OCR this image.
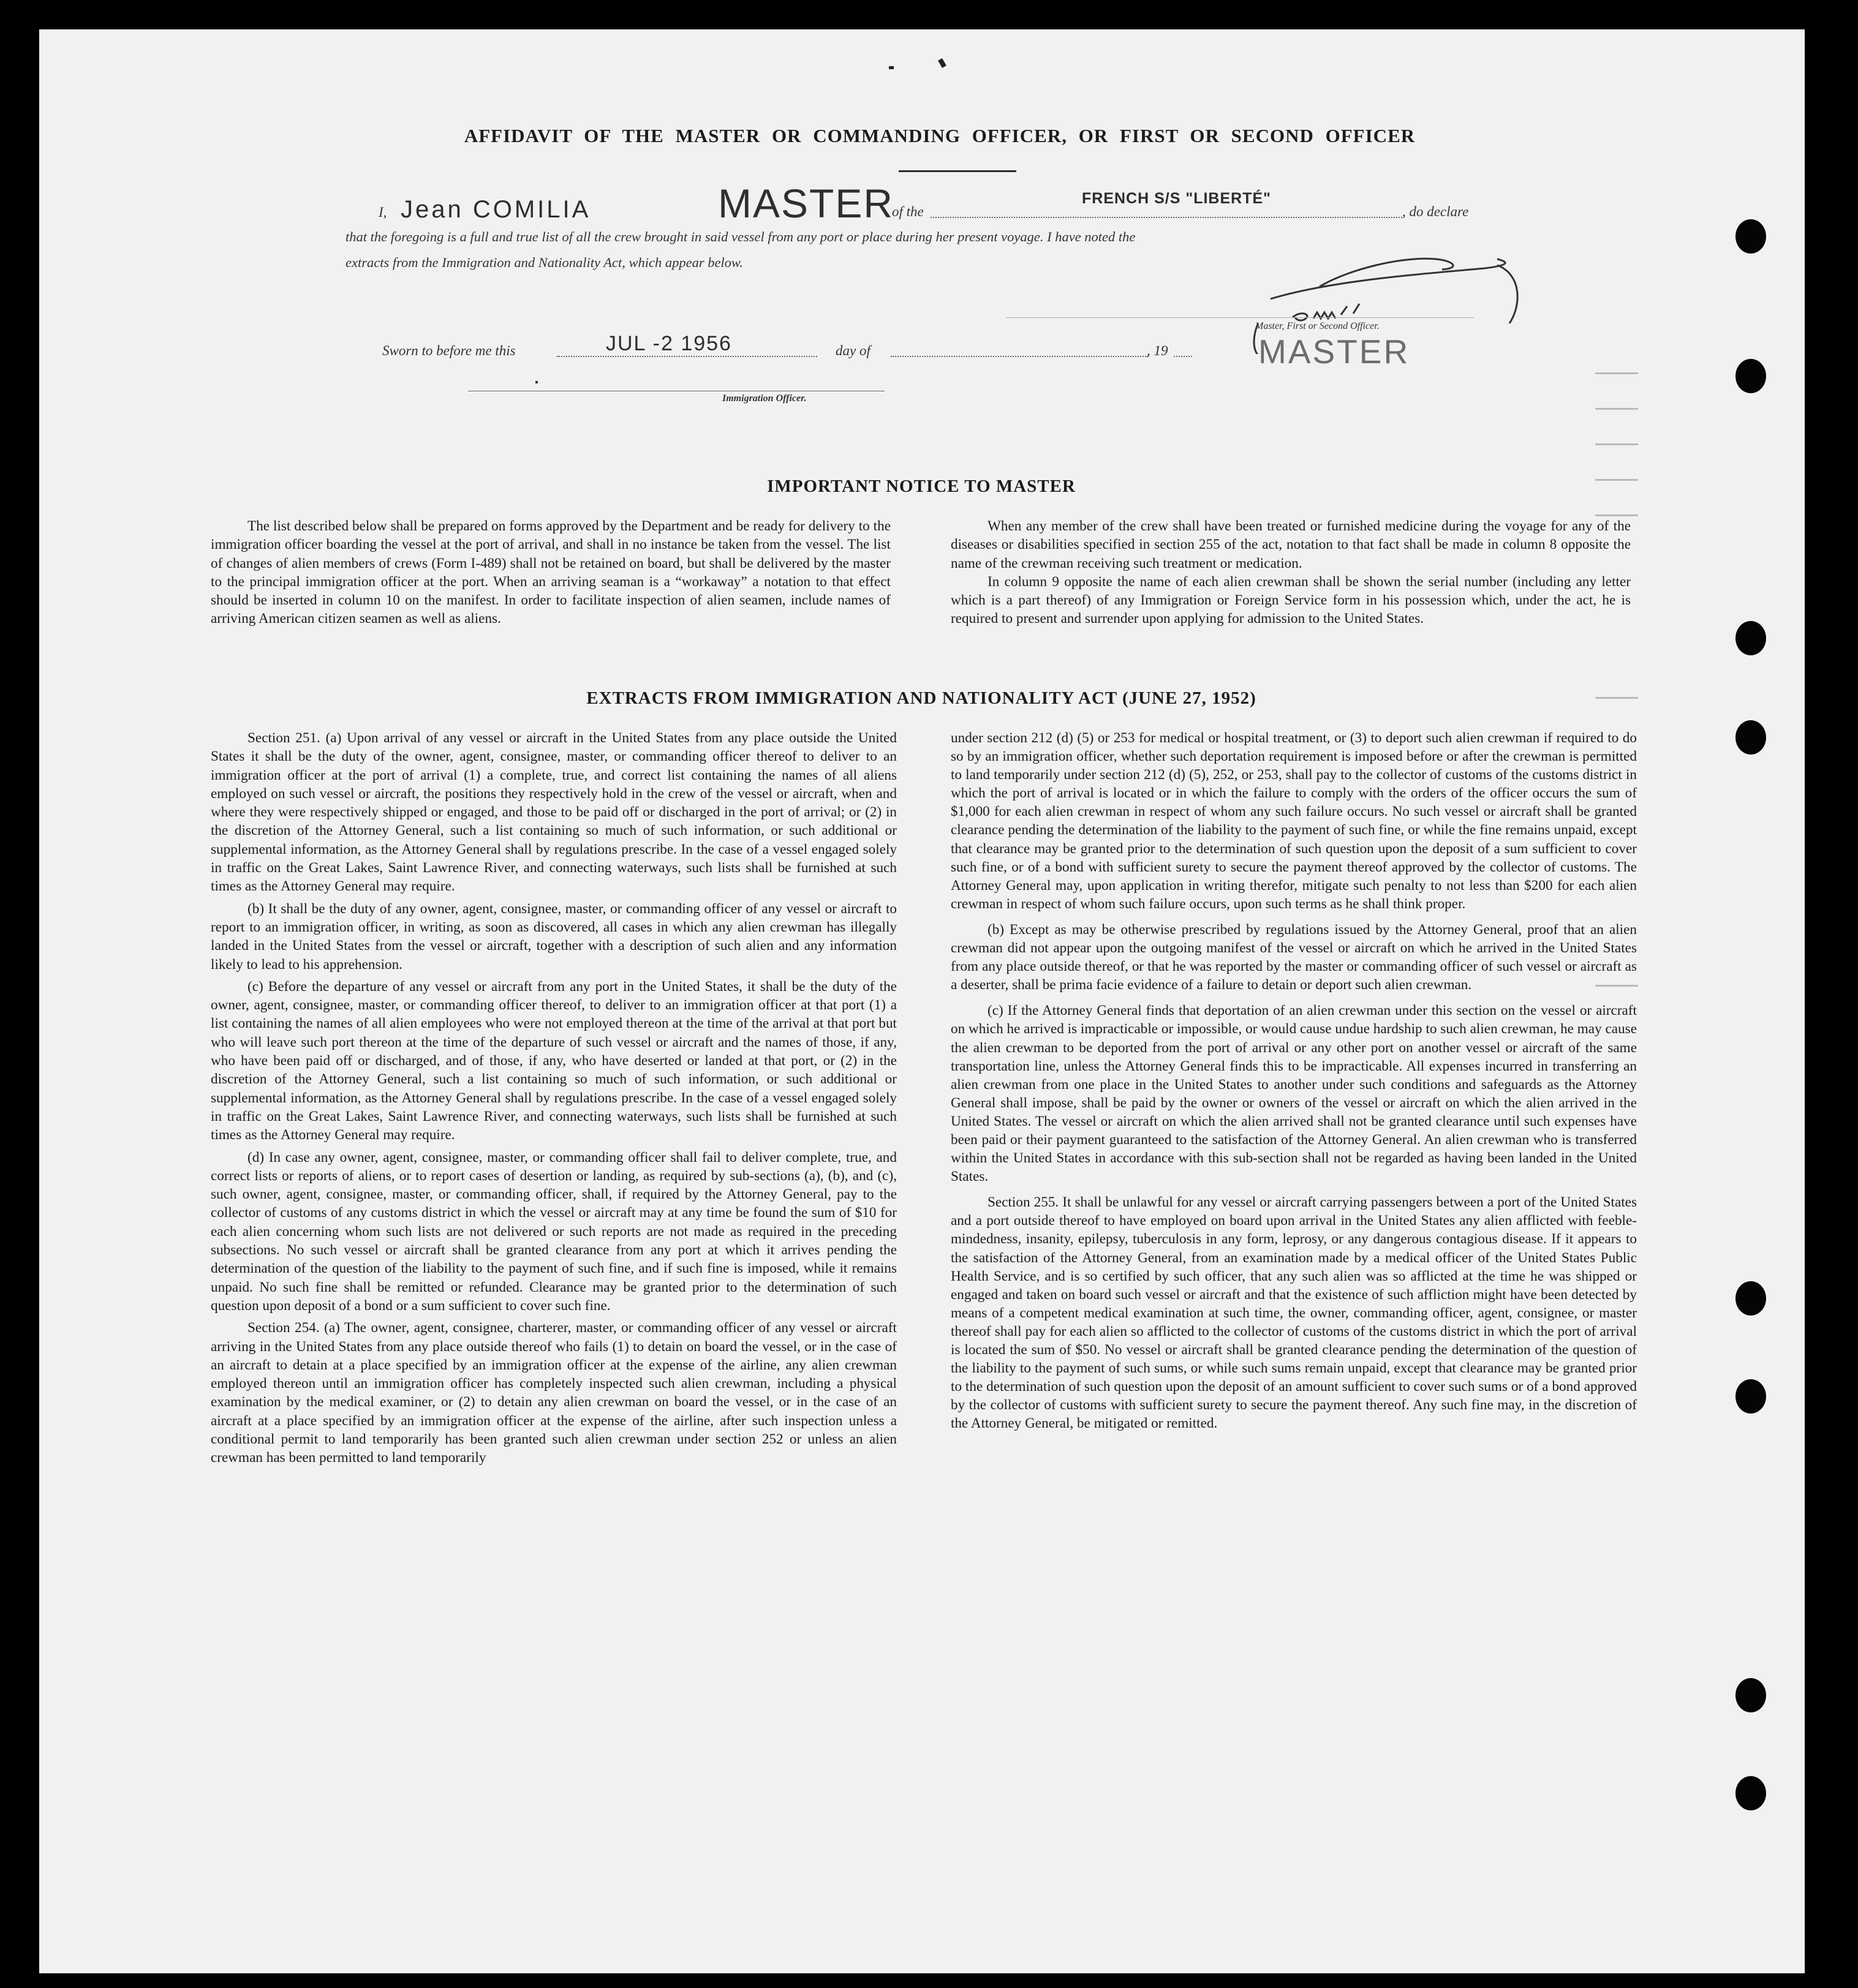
AFFIDAVIT OF THE MASTER OR COMMANDING OFFICER, OR FIRST OR SECOND OFFICER
I, Jean COMILIA	MASTER
of the
FRENCH S/S "LIBERTÉ"
, do declare
that the foregoing is a full and true list of all the crew brought in said vessel from any port or place during her present voyage. I have noted the
extracts from the Immigration and Nationality Act, which appear below.
Sworn to before me this	JUL -2 1956	day of	, 19
Master, First or Second Officer.
MASTER
Immigration Officer.
IMPORTANT NOTICE TO MASTER

The list described below shall be prepared on forms approved by the Department and be ready for delivery to the immigration officer boarding the vessel at the port of arrival, and shall in no instance be taken from the vessel. The list of changes of alien members of crews (Form I-489) shall not be retained on board, but shall be delivered by the master to the principal immigration officer at the port. When an arriving seaman is a “workaway” a notation to that effect should be inserted in column 10 on the manifest. In order to facilitate inspection of alien seamen, include names of arriving American citizen seamen as well as aliens.

When any member of the crew shall have been treated or furnished medicine during the voyage for any of the diseases or disabilities specified in section 255 of the act, notation to that fact shall be made in column 8 opposite the name of the crewman receiving such treatment or medication.

In column 9 opposite the name of each alien crewman shall be shown the serial number (including any letter which is a part thereof) of any Immigration or Foreign Service form in his possession which, under the act, he is required to present and surrender upon applying for admission to the United States.

EXTRACTS FROM IMMIGRATION AND NATIONALITY ACT (JUNE 27, 1952)

Section 251. (a) Upon arrival of any vessel or aircraft in the United States from any place outside the United States it shall be the duty of the owner, agent, consignee, master, or commanding officer thereof to deliver to an immigration officer at the port of arrival (1) a complete, true, and correct list containing the names of all aliens employed on such vessel or aircraft, the positions they respectively hold in the crew of the vessel or aircraft, when and where they were respectively shipped or engaged, and those to be paid off or discharged in the port of arrival; or (2) in the discretion of the Attorney General, such a list containing so much of such information, or such additional or supplemental information, as the Attorney General shall by regulations prescribe. In the case of a vessel engaged solely in traffic on the Great Lakes, Saint Lawrence River, and connecting waterways, such lists shall be furnished at such times as the Attorney General may require.

(b) It shall be the duty of any owner, agent, consignee, master, or commanding officer of any vessel or aircraft to report to an immigration officer, in writing, as soon as discovered, all cases in which any alien crewman has illegally landed in the United States from the vessel or aircraft, together with a description of such alien and any information likely to lead to his apprehension.

(c) Before the departure of any vessel or aircraft from any port in the United States, it shall be the duty of the owner, agent, consignee, master, or commanding officer thereof, to deliver to an immigration officer at that port (1) a list containing the names of all alien employees who were not employed thereon at the time of the arrival at that port but who will leave such port thereon at the time of the departure of such vessel or aircraft and the names of those, if any, who have been paid off or discharged, and of those, if any, who have deserted or landed at that port, or (2) in the discretion of the Attorney General, such a list containing so much of such information, or such additional or supplemental information, as the Attorney General shall by regulations prescribe. In the case of a vessel engaged solely in traffic on the Great Lakes, Saint Lawrence River, and connecting waterways, such lists shall be furnished at such times as the Attorney General may require.

(d) In case any owner, agent, consignee, master, or commanding officer shall fail to deliver complete, true, and correct lists or reports of aliens, or to report cases of desertion or landing, as required by sub-sections (a), (b), and (c), such owner, agent, consignee, master, or commanding officer, shall, if required by the Attorney General, pay to the collector of customs of any customs district in which the vessel or aircraft may at any time be found the sum of $10 for each alien concerning whom such lists are not delivered or such reports are not made as required in the preceding subsections. No such vessel or aircraft shall be granted clearance from any port at which it arrives pending the determination of the question of the liability to the payment of such fine, and if such fine is imposed, while it remains unpaid. No such fine shall be remitted or refunded. Clearance may be granted prior to the determination of such question upon deposit of a bond or a sum sufficient to cover such fine.

Section 254. (a) The owner, agent, consignee, charterer, master, or commanding officer of any vessel or aircraft arriving in the United States from any place outside thereof who fails (1) to detain on board the vessel, or in the case of an aircraft to detain at a place specified by an immigration officer at the expense of the airline, any alien crewman employed thereon until an immigration officer has completely inspected such alien crewman, including a physical examination by the medical examiner, or (2) to detain any alien crewman on board the vessel, or in the case of an aircraft at a place specified by an immigration officer at the expense of the airline, after such inspection unless a conditional permit to land temporarily has been granted such alien crewman under section 252 or unless an alien crewman has been permitted to land temporarily

under section 212 (d) (5) or 253 for medical or hospital treatment, or (3) to deport such alien crewman if required to do so by an immigration officer, whether such deportation requirement is imposed before or after the crewman is permitted to land temporarily under section 212 (d) (5), 252, or 253, shall pay to the collector of customs of the customs district in which the port of arrival is located or in which the failure to comply with the orders of the officer occurs the sum of $1,000 for each alien crewman in respect of whom any such failure occurs. No such vessel or aircraft shall be granted clearance pending the determination of the liability to the payment of such fine, or while the fine remains unpaid, except that clearance may be granted prior to the determination of such question upon the deposit of a sum sufficient to cover such fine, or of a bond with sufficient surety to secure the payment thereof approved by the collector of customs. The Attorney General may, upon application in writing therefor, mitigate such penalty to not less than $200 for each alien crewman in respect of whom such failure occurs, upon such terms as he shall think proper.

(b) Except as may be otherwise prescribed by regulations issued by the Attorney General, proof that an alien crewman did not appear upon the outgoing manifest of the vessel or aircraft on which he arrived in the United States from any place outside thereof, or that he was reported by the master or commanding officer of such vessel or aircraft as a deserter, shall be prima facie evidence of a failure to detain or deport such alien crewman.

(c) If the Attorney General finds that deportation of an alien crewman under this section on the vessel or aircraft on which he arrived is impracticable or impossible, or would cause undue hardship to such alien crewman, he may cause the alien crewman to be deported from the port of arrival or any other port on another vessel or aircraft of the same transportation line, unless the Attorney General finds this to be impracticable. All expenses incurred in transferring an alien crewman from one place in the United States to another under such conditions and safeguards as the Attorney General shall impose, shall be paid by the owner or owners of the vessel or aircraft on which the alien arrived in the United States. The vessel or aircraft on which the alien arrived shall not be granted clearance until such expenses have been paid or their payment guaranteed to the satisfaction of the Attorney General. An alien crewman who is transferred within the United States in accordance with this sub-section shall not be regarded as having been landed in the United States.

Section 255. It shall be unlawful for any vessel or aircraft carrying passengers between a port of the United States and a port outside thereof to have employed on board upon arrival in the United States any alien afflicted with feeble-mindedness, insanity, epilepsy, tuberculosis in any form, leprosy, or any dangerous contagious disease. If it appears to the satisfaction of the Attorney General, from an examination made by a medical officer of the United States Public Health Service, and is so certified by such officer, that any such alien was so afflicted at the time he was shipped or engaged and taken on board such vessel or aircraft and that the existence of such affliction might have been detected by means of a competent medical examination at such time, the owner, commanding officer, agent, consignee, or master thereof shall pay for each alien so afflicted to the collector of customs of the customs district in which the port of arrival is located the sum of $50. No vessel or aircraft shall be granted clearance pending the determination of the question of the liability to the payment of such sums, or while such sums remain unpaid, except that clearance may be granted prior to the determination of such question upon the deposit of an amount sufficient to cover such sums or of a bond approved by the collector of customs with sufficient surety to secure the payment thereof. Any such fine may, in the discretion of the Attorney General, be mitigated or remitted.
